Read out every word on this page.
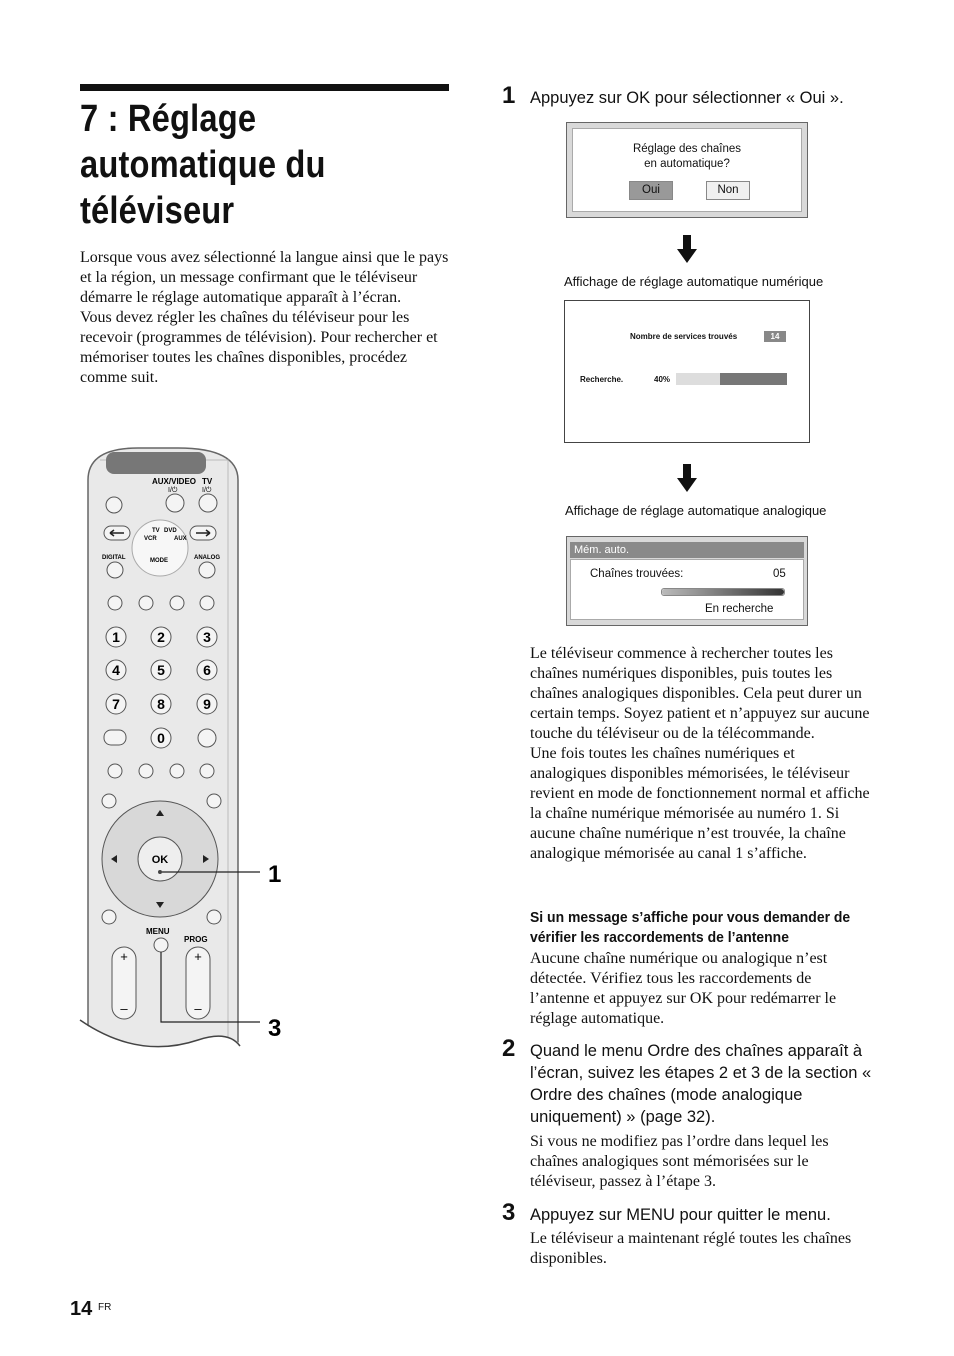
7 : Réglage automatique du téléviseur

Lorsque vous avez sélectionné la langue ainsi que le pays et la région, un message confirmant que le téléviseur démarre le réglage automatique apparaît à l’écran.

Vous devez régler les chaînes du téléviseur pour les recevoir (programmes de télévision). Pour rechercher et mémoriser toutes les chaînes disponibles, procédez comme suit.

AUX/VIDEO TV
I/⏻	I/⏻
VCR
TV DVD
AUX
MODE
DIGITAL	ANALOG
1	2	3
4	5	6
7	8	9
0
OK
MENU
PROG
+
–
+
–
1
3
1 Appuyez sur OK pour sélectionner « Oui ».
Réglage des chaînes
en automatique?
Oui	Non
Affichage de réglage automatique numérique
Nombre de services trouvés	14
Recherche.	40%
Affichage de réglage automatique analogique
Mém. auto.
Chaînes trouvées:	05
En recherche

Le téléviseur commence à rechercher toutes les chaînes numériques disponibles, puis toutes les chaînes analogiques disponibles. Cela peut durer un certain temps. Soyez patient et n’appuyez sur aucune touche du téléviseur ou de la télécommande.

Une fois toutes les chaînes numériques et analogiques disponibles mémorisées, le téléviseur revient en mode de fonctionnement normal et affiche la chaîne numérique mémorisée au numéro 1. Si aucune chaîne numérique n’est trouvée, la chaîne analogique mémorisée au canal 1 s’affiche.

Si un message s’affiche pour vous demander de vérifier les raccordements de l’antenne
Aucune chaîne numérique ou analogique n’est détectée. Vérifiez tous les raccordements de l’antenne et appuyez sur OK pour redémarrer le réglage automatique.
2 Quand le menu Ordre des chaînes apparaît à l’écran, suivez les étapes 2 et 3 de la section « Ordre des chaînes (mode analogique uniquement) » (page 32).
Si vous ne modifiez pas l’ordre dans lequel les chaînes analogiques sont mémorisées sur le téléviseur, passez à l’étape 3.
3 Appuyez sur MENU pour quitter le menu.
Le téléviseur a maintenant réglé toutes les chaînes disponibles.
14 FR
